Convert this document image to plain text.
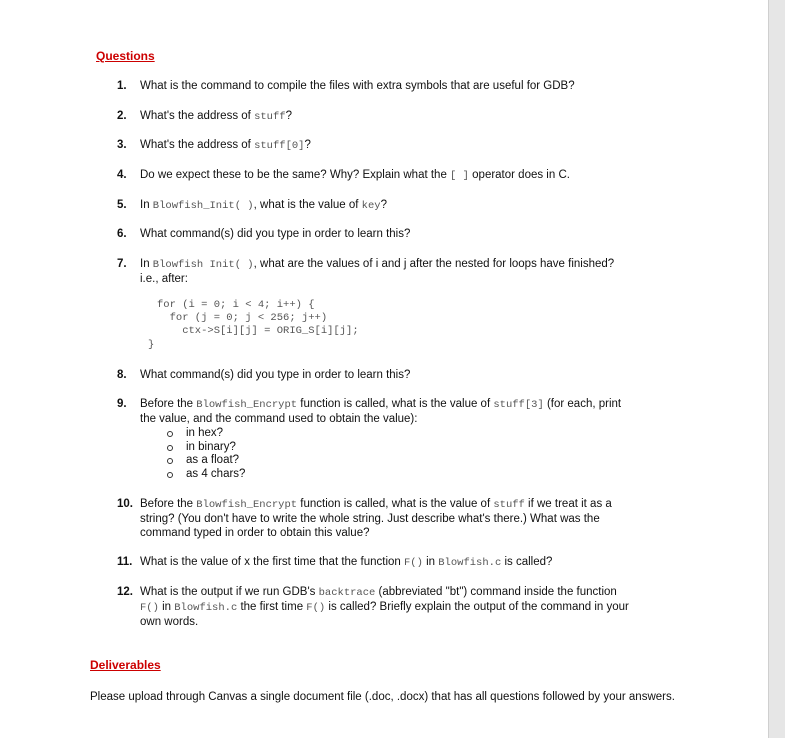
Questions
1.	What is the command to compile the files with extra symbols that are useful for GDB?
2.	What's the address of stuff?
3.	What's the address of stuff[0]?
4.	Do we expect these to be the same? Why? Explain what the [ ] operator does in C.
5.	In Blowfish_Init( ), what is the value of key?
6.	What command(s) did you type in order to learn this?
7.	In Blowfish Init( ), what are the values of i and j after the nested for loops have finished?
i.e., after:
for (i = 0; i < 4; i++) {
for (j = 0; j < 256; j++)
ctx->S[i][j] = ORIG_S[i][j];
}
8.	What command(s) did you type in order to learn this?
9.	Before the Blowfish_Encrypt function is called, what is the value of stuff[3] (for each, print
the value, and the command used to obtain the value):
in hex?
in binary?
as a float?
as 4 chars?
10. Before the Blowfish_Encrypt function is called, what is the value of stuff if we treat it as a
string? (You don't have to write the whole string. Just describe what's there.) What was the
command typed in order to obtain this value?
11. What is the value of x the first time that the function F() in Blowfish.c is called?
12. What is the output if we run GDB's backtrace (abbreviated "bt") command inside the function
F() in Blowfish.c the first time F() is called? Briefly explain the output of the command in your
own words.
Deliverables
Please upload through Canvas a single document file (.doc, .docx) that has all questions followed by your answers.
